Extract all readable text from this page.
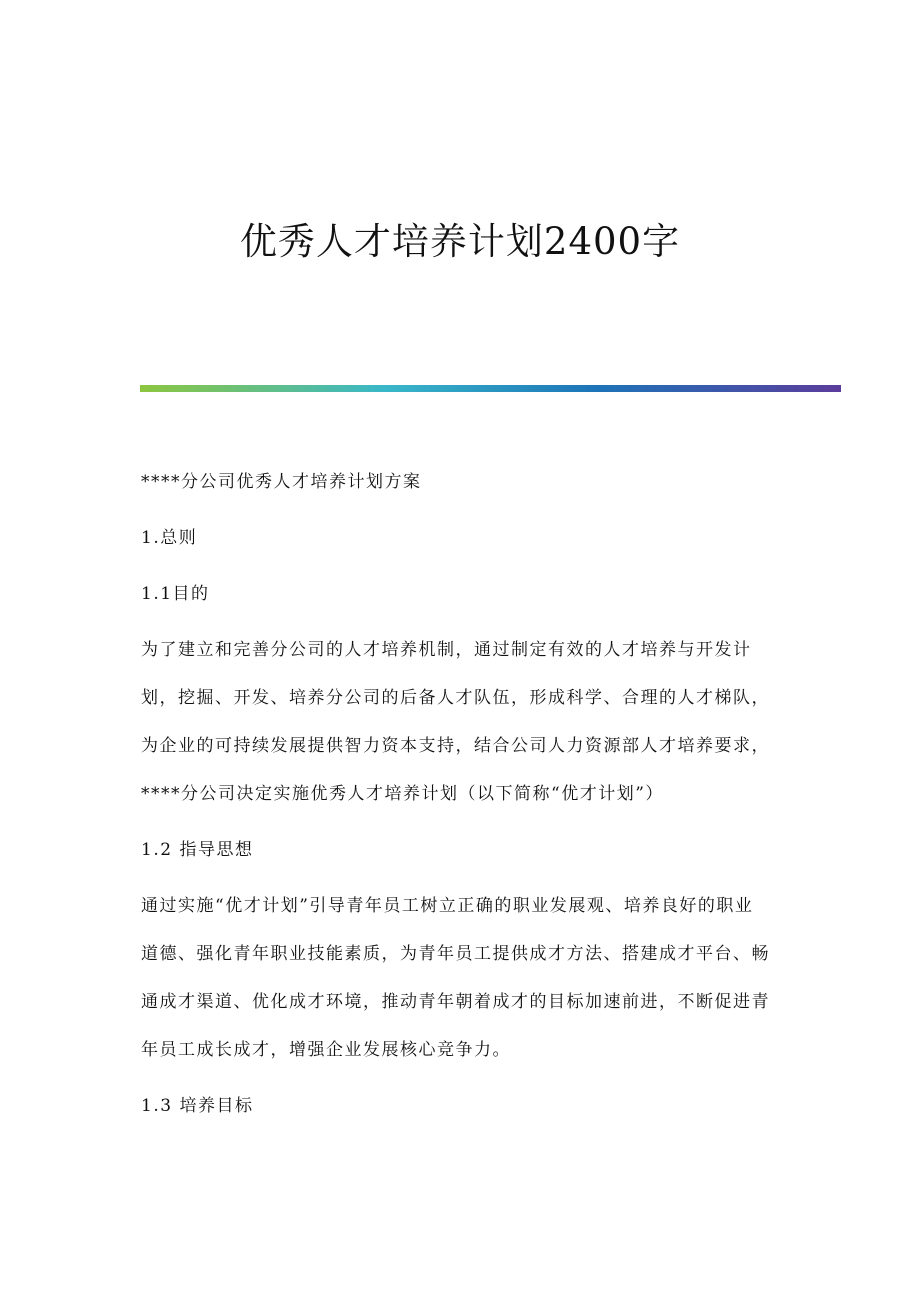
优秀人才培养计划2400字

****分公司优秀人才培养计划方案

1.总则

1.1目的

为了建立和完善分公司的人才培养机制，通过制定有效的人才培养与开发计
划，挖掘、开发、培养分公司的后备人才队伍，形成科学、合理的人才梯队，
为企业的可持续发展提供智力资本支持，结合公司人力资源部人才培养要求，
****分公司决定实施优秀人才培养计划（以下简称“优才计划”）

1.2 指导思想

通过实施“优才计划”引导青年员工树立正确的职业发展观、培养良好的职业
道德、强化青年职业技能素质，为青年员工提供成才方法、搭建成才平台、畅
通成才渠道、优化成才环境，推动青年朝着成才的目标加速前进，不断促进青
年员工成长成才，增强企业发展核心竞争力。

1.3 培养目标
